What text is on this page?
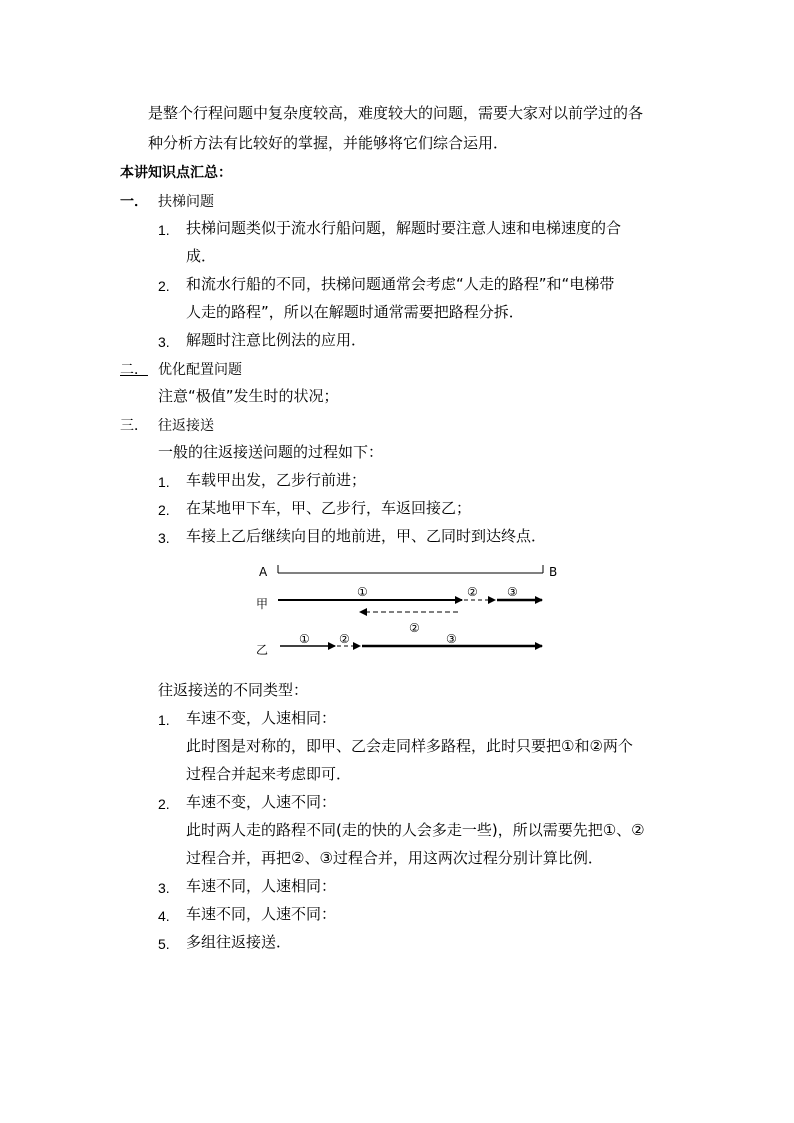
是整个行程问题中复杂度较高，难度较大的问题，需要大家对以前学过的各
种分析方法有比较好的掌握，并能够将它们综合运用．
本讲知识点汇总：
一． 扶梯问题
1. 扶梯问题类似于流水行船问题，解题时要注意人速和电梯速度的合
成．
2. 和流水行船的不同，扶梯问题通常会考虑“人走的路程”和“电梯带
人走的路程”，所以在解题时通常需要把路程分拆．
3. 解题时注意比例法的应用．
二． 优化配置问题
注意“极值”发生时的状况；
三． 往返接送
一般的往返接送问题的过程如下：
1. 车载甲出发，乙步行前进；
2. 在某地甲下车，甲、乙步行，车返回接乙；
3. 车接上乙后继续向目的地前进，甲、乙同时到达终点．
A	B
甲
①	② ③
②
乙
① ②	③
往返接送的不同类型：
1. 车速不变，人速相同：
此时图是对称的，即甲、乙会走同样多路程，此时只要把①和②两个
过程合并起来考虑即可．
2. 车速不变，人速不同：
此时两人走的路程不同(走的快的人会多走一些)，所以需要先把①、②
过程合并，再把②、③过程合并，用这两次过程分别计算比例．
3. 车速不同，人速相同：
4. 车速不同，人速不同：
5. 多组往返接送．
